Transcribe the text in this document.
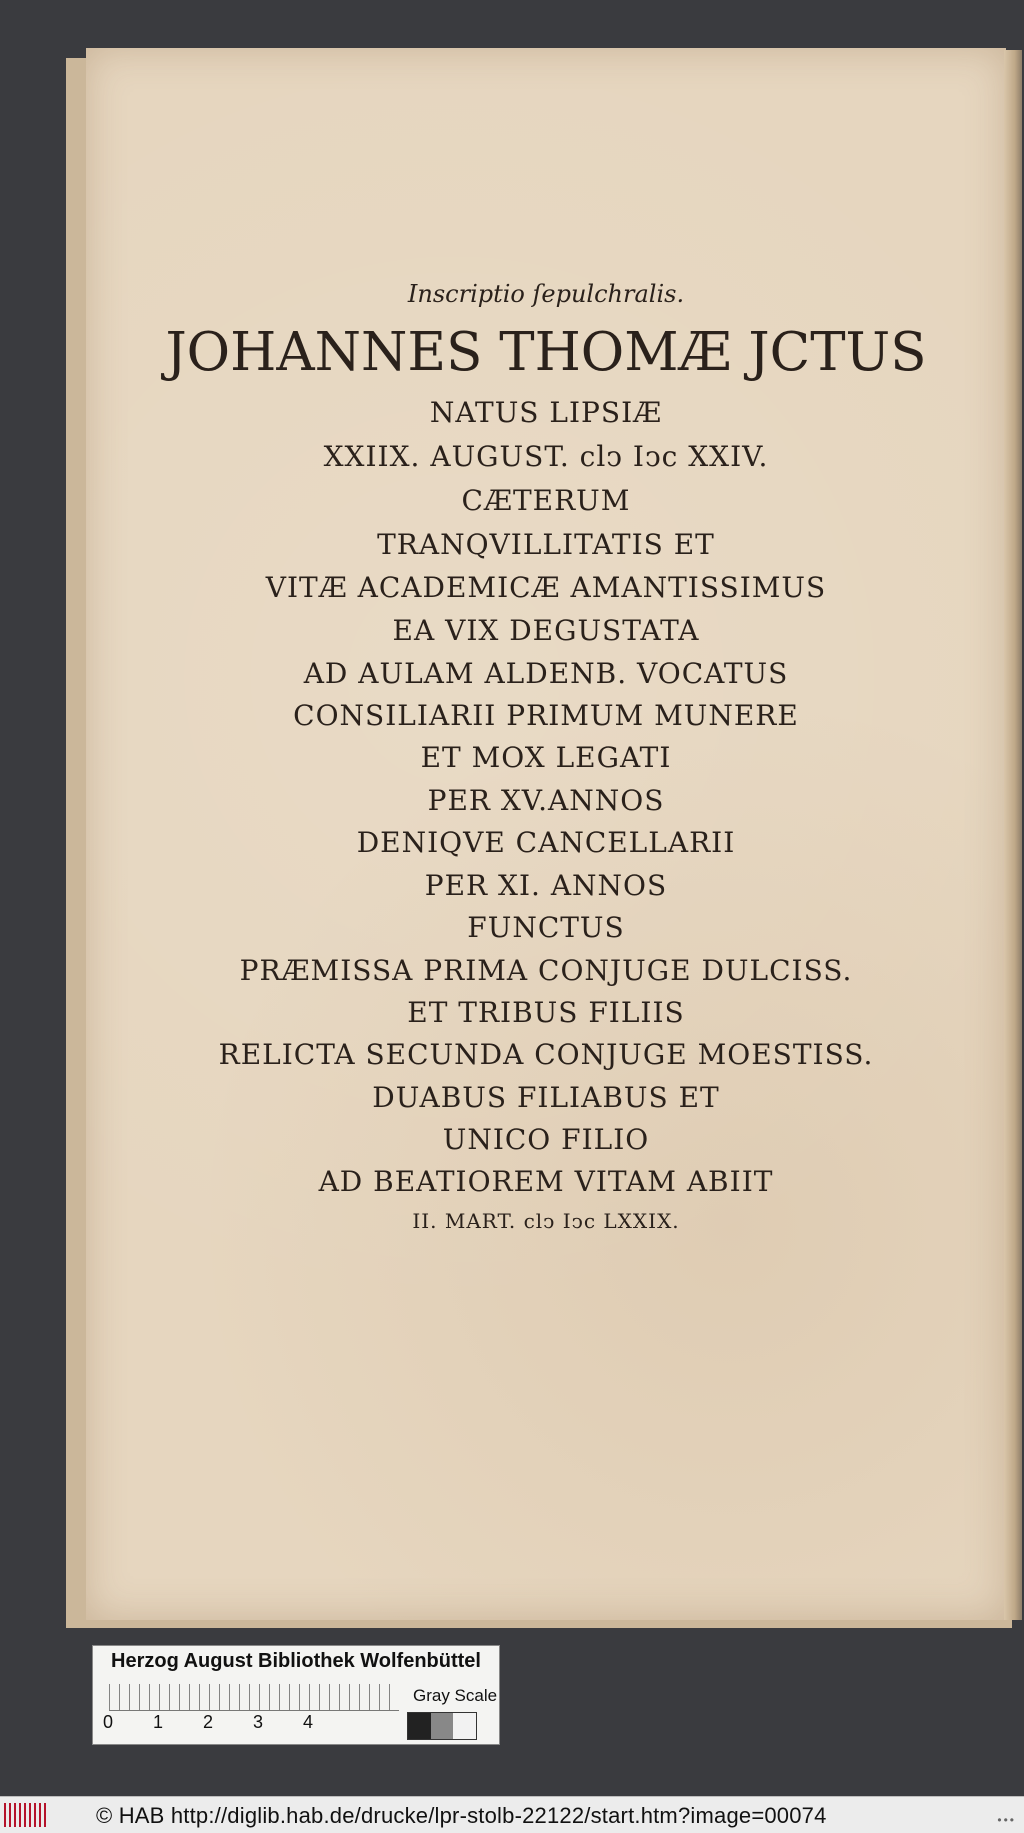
Inscriptio ſepulchralis.
JOHANNES THOMÆ JCTUS
NATUS LIPSIÆ
XXIIX. AUGUST. clↄ Iↄc XXIV.
CÆTERUM
TRANQVILLITATIS ET
VITÆ ACADEMICÆ AMANTISSIMUS
EA VIX DEGUSTATA
AD AULAM ALDENB. VOCATUS
CONSILIARII PRIMUM MUNERE
ET MOX LEGATI
PER XV.ANNOS
DENIQVE CANCELLARII
PER XI. ANNOS
FUNCTUS
PRÆMISSA PRIMA CONJUGE DULCISS.
ET TRIBUS FILIIS
RELICTA SECUNDA CONJUGE MOESTISS.
DUABUS FILIABUS ET
UNICO FILIO
AD BEATIOREM VITAM ABIIT
II. MART. clↄ Iↄc LXXIX.
Herzog August Bibliothek Wolfenbüttel
0 1 2 3 4
Gray Scale
© HAB http://diglib.hab.de/drucke/lpr-stolb-22122/start.htm?image=00074	•••
